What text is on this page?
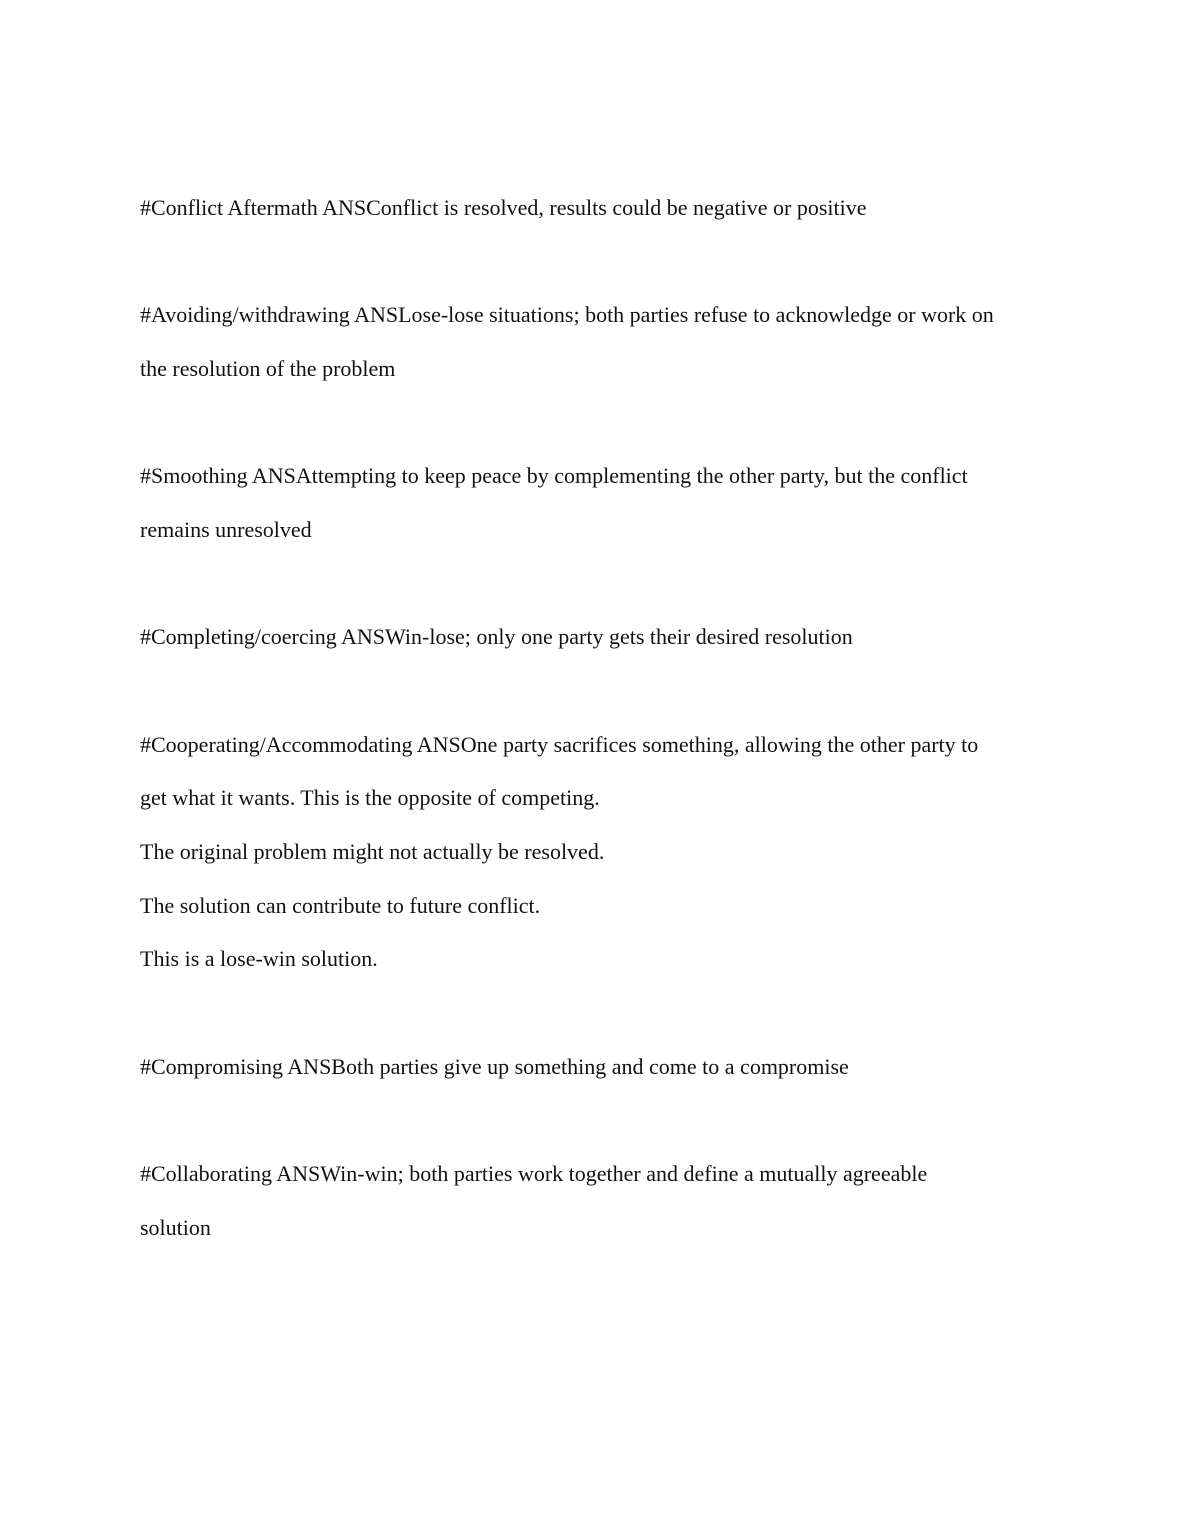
#Conflict Aftermath ANSConflict is resolved, results could be negative or positive
#Avoiding/withdrawing ANSLose-lose situations; both parties refuse to acknowledge or work on
the resolution of the problem
#Smoothing ANSAttempting to keep peace by complementing the other party, but the conflict
remains unresolved
#Completing/coercing ANSWin-lose; only one party gets their desired resolution
#Cooperating/Accommodating ANSOne party sacrifices something, allowing the other party to
get what it wants. This is the opposite of competing.
The original problem might not actually be resolved.
The solution can contribute to future conflict.
This is a lose-win solution.
#Compromising ANSBoth parties give up something and come to a compromise
#Collaborating ANSWin-win; both parties work together and define a mutually agreeable
solution
